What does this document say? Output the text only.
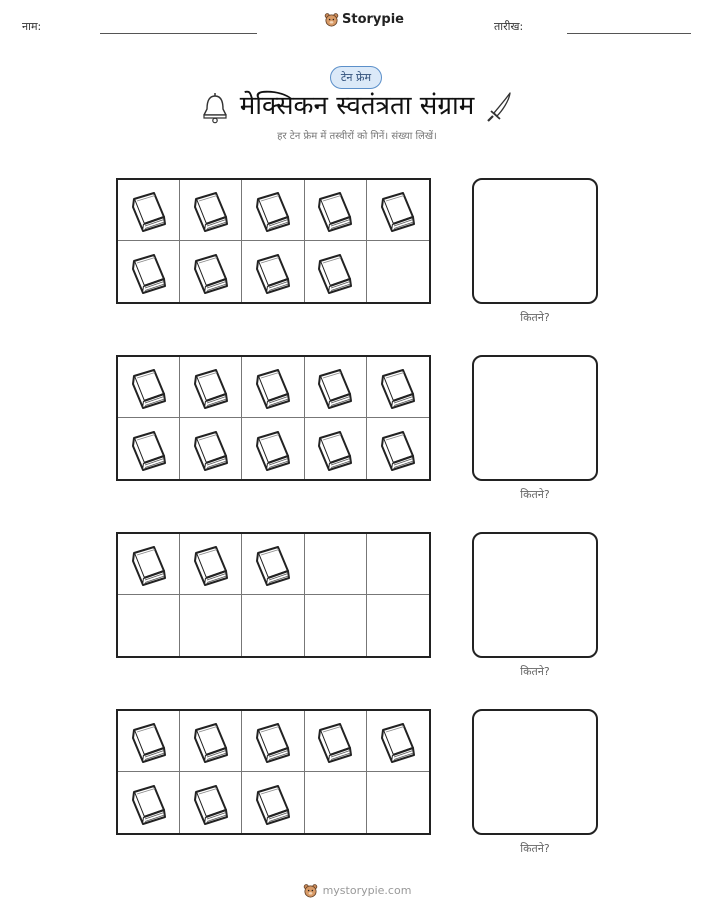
नाम:	Storypie	तारीख:
टेन फ्रेम
मेक्सिकन स्वतंत्रता संग्राम
हर टेन फ्रेम में तस्वीरों को गिनें। संख्या लिखें।
कितने?
कितने?
कितने?
कितने?
mystorypie.com
